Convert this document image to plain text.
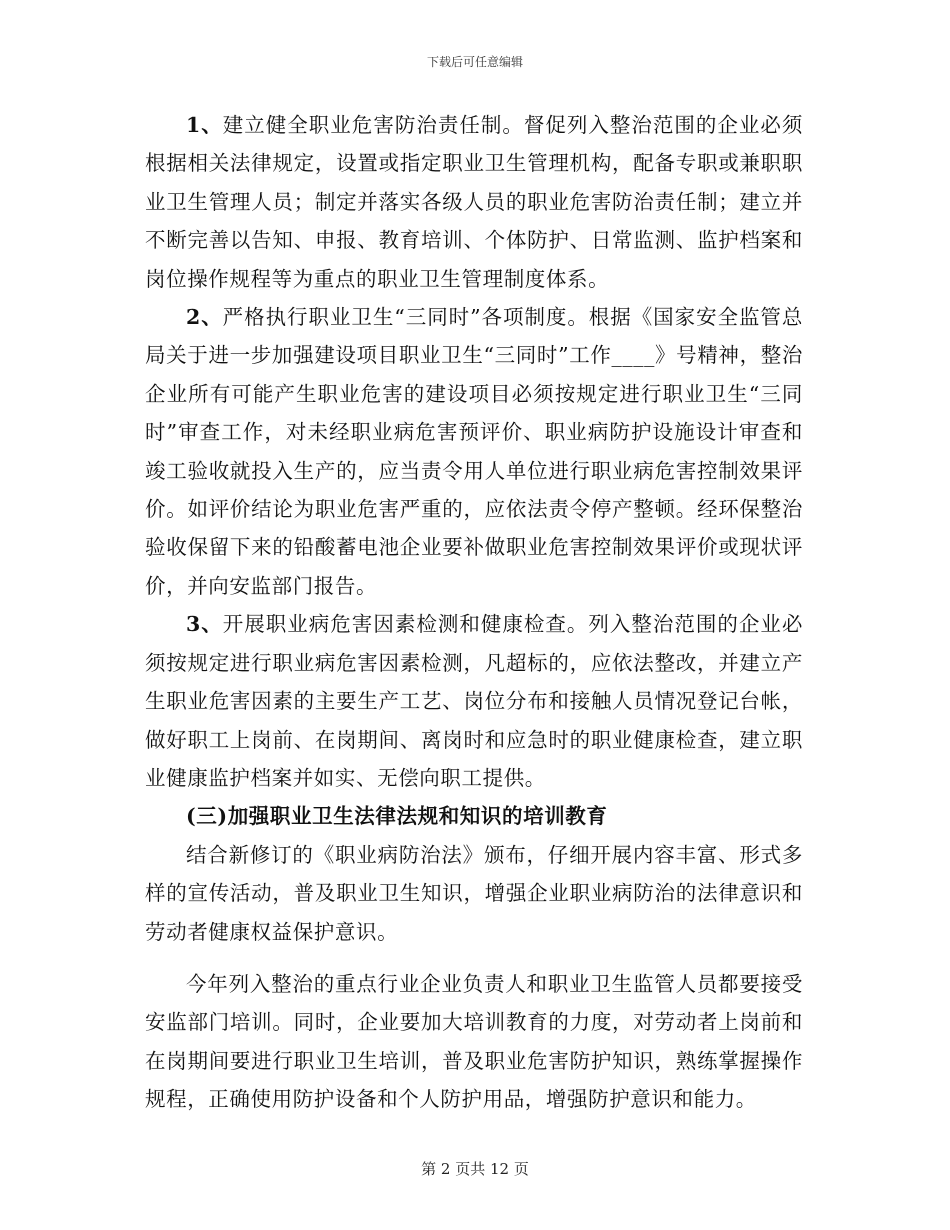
下载后可任意编辑

1、建立健全职业危害防治责任制。督促列入整治范围的企业必须根据相关法律规定，设置或指定职业卫生管理机构，配备专职或兼职职业卫生管理人员；制定并落实各级人员的职业危害防治责任制；建立并不断完善以告知、申报、教育培训、个体防护、日常监测、监护档案和岗位操作规程等为重点的职业卫生管理制度体系。

2、严格执行职业卫生“三同时”各项制度。根据《国家安全监管总局关于进一步加强建设项目职业卫生“三同时”工作____》号精神，整治企业所有可能产生职业危害的建设项目必须按规定进行职业卫生“三同时”审查工作，对未经职业病危害预评价、职业病防护设施设计审查和竣工验收就投入生产的，应当责令用人单位进行职业病危害控制效果评价。如评价结论为职业危害严重的，应依法责令停产整顿。经环保整治验收保留下来的铅酸蓄电池企业要补做职业危害控制效果评价或现状评价，并向安监部门报告。

3、开展职业病危害因素检测和健康检查。列入整治范围的企业必须按规定进行职业病危害因素检测，凡超标的，应依法整改，并建立产生职业危害因素的主要生产工艺、岗位分布和接触人员情况登记台帐，做好职工上岗前、在岗期间、离岗时和应急时的职业健康检查，建立职业健康监护档案并如实、无偿向职工提供。

(三)加强职业卫生法律法规和知识的培训教育

结合新修订的《职业病防治法》颁布，仔细开展内容丰富、形式多样的宣传活动，普及职业卫生知识，增强企业职业病防治的法律意识和劳动者健康权益保护意识。

今年列入整治的重点行业企业负责人和职业卫生监管人员都要接受安监部门培训。同时，企业要加大培训教育的力度，对劳动者上岗前和在岗期间要进行职业卫生培训，普及职业危害防护知识，熟练掌握操作规程，正确使用防护设备和个人防护用品，增强防护意识和能力。

第 2 页共 12 页
